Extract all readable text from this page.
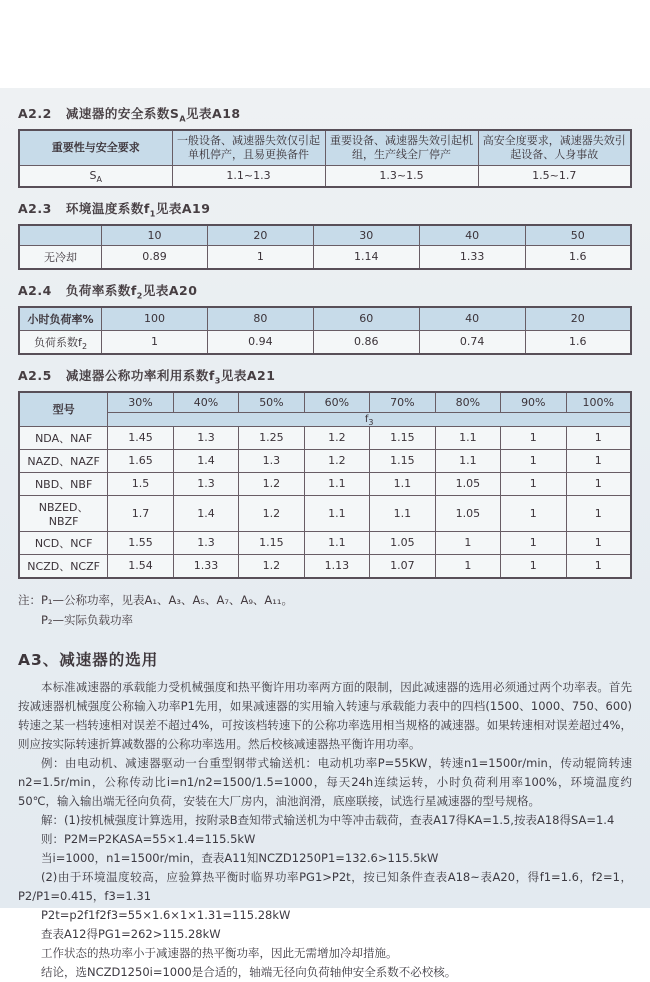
A2.2 减速器的安全系数$S_A$见表A18
重要性与安全要求	一般设备、减速器失效仅引起单机停产，且易更换备件	重要设备、减速器失效引起机组，生产线全厂停产	高安全度要求，减速器失效引起设备、人身事故
$S_A$	1.1~1.3	1.3~1.5	1.5~1.7
A2.3 环境温度系数$f_1$见表A19
	10	20	30	40	50
无冷却	0.89	1	1.14	1.33	1.6
A2.4 负荷率系数$f_2$见表A20
小时负荷率%	100	80	60	40	20
负荷系数$f_2$	1	0.94	0.86	0.74	1.6
A2.5 减速器公称功率利用系数$f_3$见表A21
型号	30%	40%	50%	60%	70%	80%	90%	100%
	$f_3$
NDA、NAF	1.45	1.3	1.25	1.2	1.15	1.1	1	1
NAZD、NAZF	1.65	1.4	1.3	1.2	1.15	1.1	1	1
NBD、NBF	1.5	1.3	1.2	1.1	1.1	1.05	1	1
NBZED、NBZF	1.7	1.4	1.2	1.1	1.1	1.05	1	1
NCD、NCF	1.55	1.3	1.15	1.1	1.05	1	1	1
NCZD、NCZF	1.54	1.33	1.2	1.13	1.07	1	1	1

注：P₁—公称功率，见表A₁、A₃、A₅、A₇、A₉、A₁₁。

P₂—实际负载功率

A3、减速器的选用

本标准减速器的承载能力受机械强度和热平衡许用功率两方面的限制，因此减速器的选用必须通过两个功率表。首先按减速器机械强度公称输入功率P1先用，如果减速器的实用输入转速与承载能力表中的四档(1500、1000、750、600)转速之某一档转速相对误差不超过4%，可按该档转速下的公称功率选用相当规格的减速器。如果转速相对误差超过4%，则应按实际转速折算减数器的公称功率选用。然后校核减速器热平衡许用功率。

例：由电动机、减速器驱动一台重型钢带式输送机：电动机功率P=55KW，转速n1=1500r/min，传动辊筒转速n2=1.5r/min，公称传动比i=n1/n2=1500/1.5=1000，每天24h连续运转，小时负荷利用率100%，环境温度约50℃，输入输出端无径向负荷，安装在大厂房内，油池润滑，底座联接，试选行星减速器的型号规格。

解：(1)按机械强度计算选用，按附录B查知带式输送机为中等冲击载荷，查表A17得KA=1.5,按表A18得SA=1.4

则：P2M=P2KASA=55×1.4=115.5kW

当i=1000，n1=1500r/min，查表A11知NCZD1250P1=132.6>115.5kW

(2)由于环境温度较高，应验算热平衡时临界功率PG1>P2t，按已知条件查表A18~表A20，得f1=1.6，f2=1，P2/P1=0.415，f3=1.31

P2t=p2f1f2f3=55×1.6×1×1.31=115.28kW

查表A12得PG1=262>115.28kW

工作状态的热功率小于减速器的热平衡功率，因此无需增加冷却措施。

结论，选NCZD1250i=1000是合适的，轴端无径向负荷轴伸安全系数不必校核。
